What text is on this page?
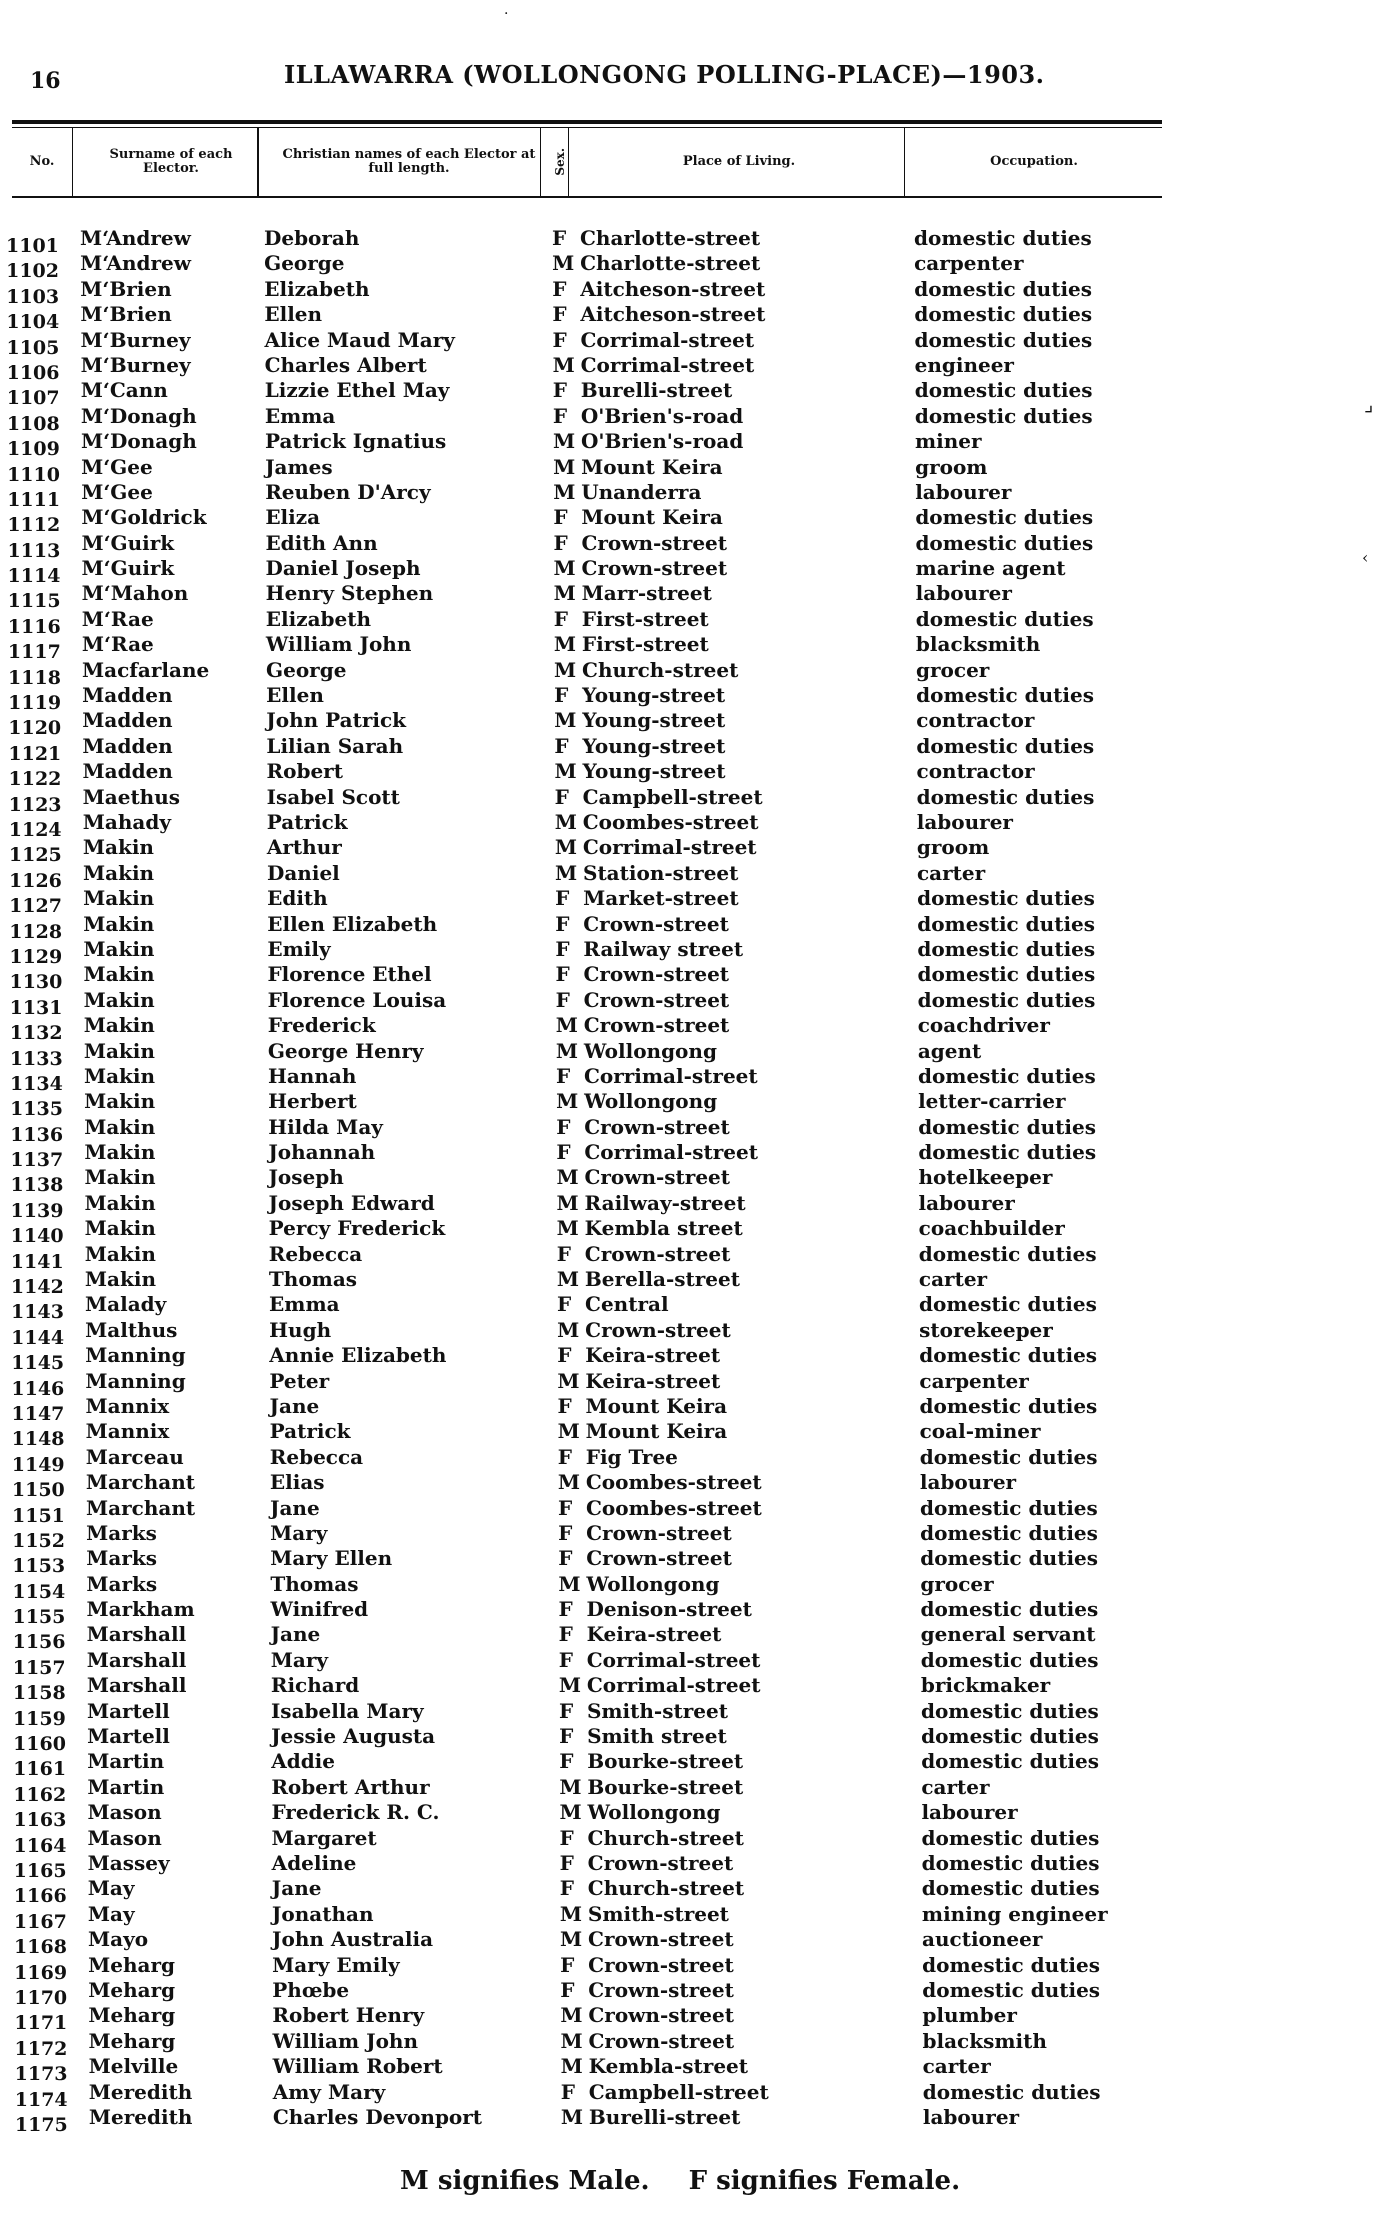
16	ILLAWARRA (WOLLONGONG POLLING-PLACE)—1903.
No.	Surname of each Elector.
Christian names of each Elector at full length.	Sex.	Place of Living.	Occupation.
1101	M‘Andrew	Deborah	F Charlotte-street	domestic duties
1102	M‘Andrew	George	M Charlotte-street	carpenter
1103	M‘Brien	Elizabeth	F Aitcheson-street	domestic duties
1104	M‘Brien	Ellen	F Aitcheson-street	domestic duties
1105	M‘Burney	Alice Maud Mary	F Corrimal-street	domestic duties
1106	M‘Burney	Charles Albert	M Corrimal-street	engineer
1107	M‘Cann	Lizzie Ethel May	F Burelli-street	domestic duties
1108	M‘Donagh	Emma	F O'Brien's-road	domestic duties
1109	M‘Donagh	Patrick Ignatius	M O'Brien's-road	miner
1110	M‘Gee	James	M Mount Keira	groom
1111	M‘Gee	Reuben D'Arcy	M Unanderra	labourer
1112	M‘Goldrick	Eliza	F Mount Keira	domestic duties
1113	M‘Guirk	Edith Ann	F Crown-street	domestic duties
1114	M‘Guirk	Daniel Joseph	M Crown-street	marine agent
1115	M‘Mahon	Henry Stephen	M Marr-street	labourer
1116	M‘Rae	Elizabeth	F First-street	domestic duties
1117	M‘Rae	William John	M First-street	blacksmith
1118	Macfarlane	George	M Church-street	grocer
1119	Madden	Ellen	F Young-street	domestic duties
1120	Madden	John Patrick	M Young-street	contractor
1121	Madden	Lilian Sarah	F Young-street	domestic duties
1122	Madden	Robert	M Young-street	contractor
1123	Maethus	Isabel Scott	F Campbell-street	domestic duties
1124	Mahady	Patrick	M Coombes-street	labourer
1125	Makin	Arthur	M Corrimal-street	groom
1126	Makin	Daniel	M Station-street	carter
1127	Makin	Edith	F Market-street	domestic duties
1128	Makin	Ellen Elizabeth	F Crown-street	domestic duties
1129	Makin	Emily	F Railway street	domestic duties
1130	Makin	Florence Ethel	F Crown-street	domestic duties
1131	Makin	Florence Louisa	F Crown-street	domestic duties
1132	Makin	Frederick	M Crown-street	coachdriver
1133	Makin	George Henry	M Wollongong	agent
1134	Makin	Hannah	F Corrimal-street	domestic duties
1135	Makin	Herbert	M Wollongong	letter-carrier
1136	Makin	Hilda May	F Crown-street	domestic duties
1137	Makin	Johannah	F Corrimal-street	domestic duties
1138	Makin	Joseph	M Crown-street	hotelkeeper
1139	Makin	Joseph Edward	M Railway-street	labourer
1140	Makin	Percy Frederick	M Kembla street	coachbuilder
1141	Makin	Rebecca	F Crown-street	domestic duties
1142	Makin	Thomas	M Berella-street	carter
1143	Malady	Emma	F Central	domestic duties
1144	Malthus	Hugh	M Crown-street	storekeeper
1145	Manning	Annie Elizabeth	F Keira-street	domestic duties
1146	Manning	Peter	M Keira-street	carpenter
1147	Mannix	Jane	F Mount Keira	domestic duties
1148	Mannix	Patrick	M Mount Keira	coal-miner
1149	Marceau	Rebecca	F Fig Tree	domestic duties
1150	Marchant	Elias	M Coombes-street	labourer
1151	Marchant	Jane	F Coombes-street	domestic duties
1152	Marks	Mary	F Crown-street	domestic duties
1153	Marks	Mary Ellen	F Crown-street	domestic duties
1154	Marks	Thomas	M Wollongong	grocer
1155	Markham	Winifred	F Denison-street	domestic duties
1156	Marshall	Jane	F Keira-street	general servant
1157	Marshall	Mary	F Corrimal-street	domestic duties
1158	Marshall	Richard	M Corrimal-street	brickmaker
1159	Martell	Isabella Mary	F Smith-street	domestic duties
1160	Martell	Jessie Augusta	F Smith street	domestic duties
1161	Martin	Addie	F Bourke-street	domestic duties
1162	Martin	Robert Arthur	M Bourke-street	carter
1163	Mason	Frederick R. C.	M Wollongong	labourer
1164	Mason	Margaret	F Church-street	domestic duties
1165	Massey	Adeline	F Crown-street	domestic duties
1166	May	Jane	F Church-street	domestic duties
1167	May	Jonathan	M Smith-street	mining engineer
1168	Mayo	John Australia	M Crown-street	auctioneer
1169	Meharg	Mary Emily	F Crown-street	domestic duties
1170	Meharg	Phœbe	F Crown-street	domestic duties
1171	Meharg	Robert Henry	M Crown-street	plumber
1172	Meharg	William John	M Crown-street	blacksmith
1173	Melville	William Robert	M Kembla-street	carter
1174	Meredith	Amy Mary	F Campbell-street	domestic duties
1175	Meredith	Charles Devonport	M Burelli-street	labourer
M signifies Male. F signifies Female.
·
⌟
‹
